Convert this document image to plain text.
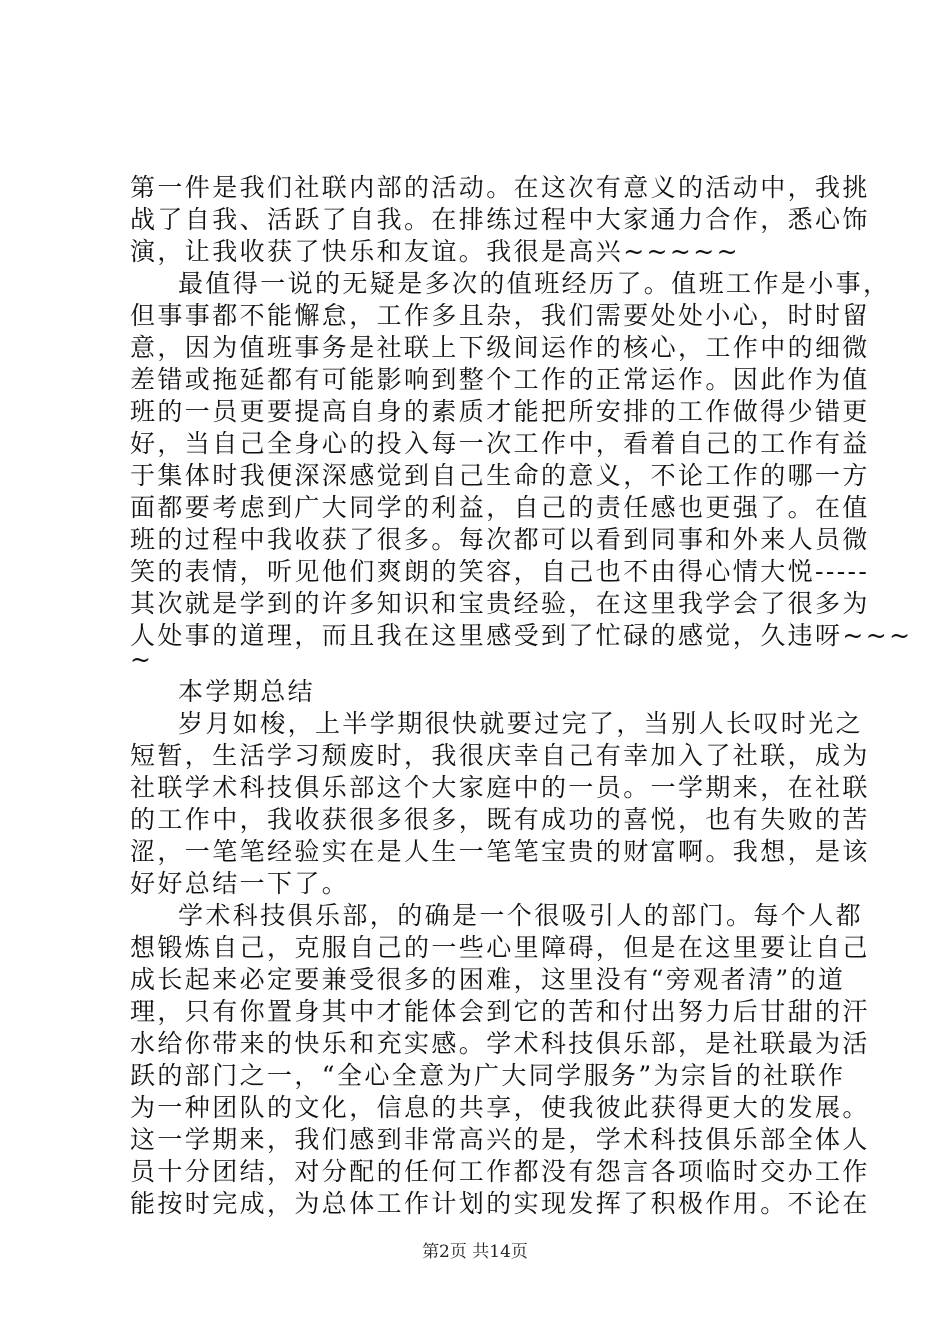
第一件是我们社联内部的活动。在这次有意义的活动中，我挑
战了自我、活跃了自我。在排练过程中大家通力合作，悉心饰
演，让我收获了快乐和友谊。我很是高兴~~~~~
最值得一说的无疑是多次的值班经历了。值班工作是小事，
但事事都不能懈怠，工作多且杂，我们需要处处小心，时时留
意，因为值班事务是社联上下级间运作的核心，工作中的细微
差错或拖延都有可能影响到整个工作的正常运作。因此作为值
班的一员更要提高自身的素质才能把所安排的工作做得少错更
好，当自己全身心的投入每一次工作中，看着自己的工作有益
于集体时我便深深感觉到自己生命的意义，不论工作的哪一方
面都要考虑到广大同学的利益，自己的责任感也更强了。在值
班的过程中我收获了很多。每次都可以看到同事和外来人员微
笑的表情，听见他们爽朗的笑容，自己也不由得心情大悦-----
其次就是学到的许多知识和宝贵经验，在这里我学会了很多为
人处事的道理，而且我在这里感受到了忙碌的感觉，久违呀~~~
~
本学期总结
岁月如梭，上半学期很快就要过完了，当别人长叹时光之
短暂，生活学习颓废时，我很庆幸自己有幸加入了社联，成为
社联学术科技俱乐部这个大家庭中的一员。一学期来，在社联
的工作中，我收获很多很多，既有成功的喜悦，也有失败的苦
涩，一笔笔经验实在是人生一笔笔宝贵的财富啊。我想，是该
好好总结一下了。
学术科技俱乐部，的确是一个很吸引人的部门。每个人都
想锻炼自己，克服自己的一些心里障碍，但是在这里要让自己
成长起来必定要兼受很多的困难，这里没有“旁观者清”的道
理，只有你置身其中才能体会到它的苦和付出努力后甘甜的汗
水给你带来的快乐和充实感。学术科技俱乐部，是社联最为活
跃的部门之一，“全心全意为广大同学服务”为宗旨的社联作
为一种团队的文化，信息的共享，使我彼此获得更大的发展。
这一学期来，我们感到非常高兴的是，学术科技俱乐部全体人
员十分团结，对分配的任何工作都没有怨言各项临时交办工作
能按时完成，为总体工作计划的实现发挥了积极作用。不论在
第2页 共14页
